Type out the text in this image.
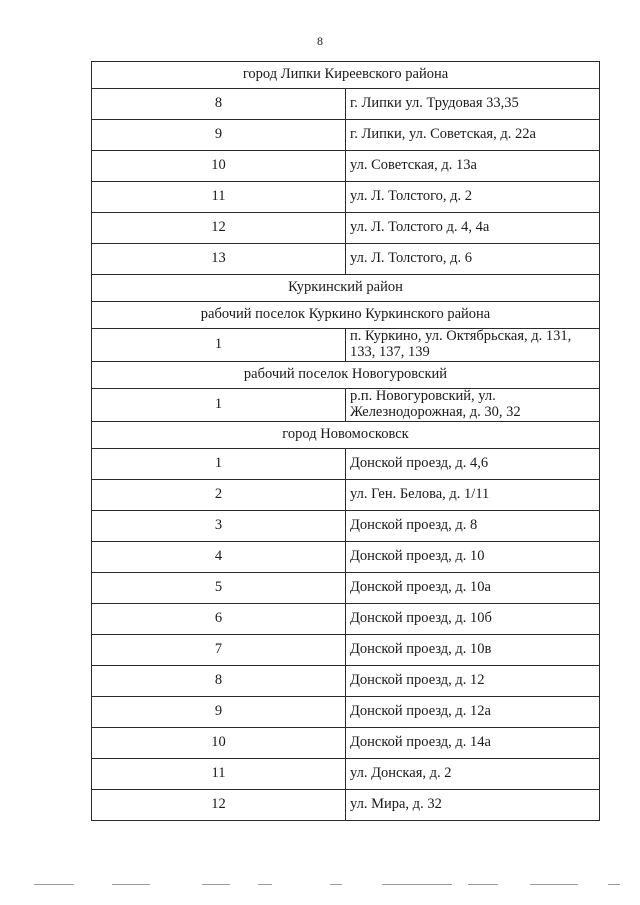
8
город Липки Киреевского района	
8	г. Липки ул. Трудовая 33,35
9	г. Липки, ул. Советская, д. 22а
10	ул. Советская, д. 13а
11	ул. Л. Толстого, д. 2
12	ул. Л. Толстого д. 4, 4а
13	ул. Л. Толстого, д. 6
Куркинский район	
рабочий поселок Куркино Куркинского района	
1	п. Куркино, ул. Октябрьская, д. 131, 133, 137, 139
рабочий поселок Новогуровский	
1	р.п. Новогуровский, ул. Железнодорожная, д. 30, 32
город Новомосковск	
1	Донской проезд, д. 4,6
2	ул. Ген. Белова, д. 1/11
3	Донской проезд, д. 8
4	Донской проезд, д. 10
5	Донской проезд, д. 10а
6	Донской проезд, д. 10б
7	Донской проезд, д. 10в
8	Донской проезд, д. 12
9	Донской проезд, д. 12а
10	Донской проезд, д. 14а
11	ул. Донская, д. 2
12	ул. Мира, д. 32
